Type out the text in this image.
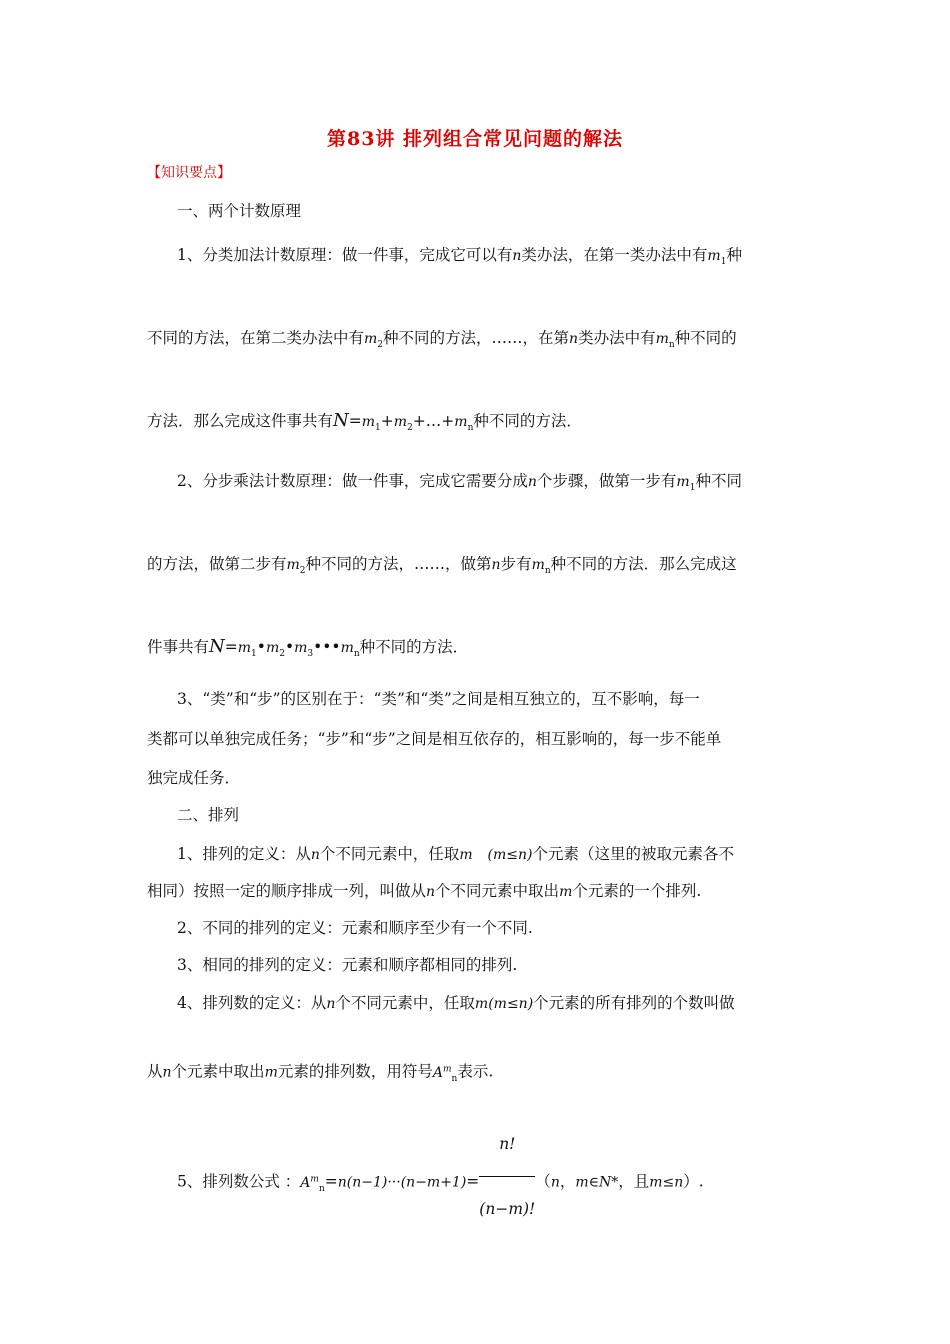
第83讲 排列组合常见问题的解法
【知识要点】
一、两个计数原理
1、分类加法计数原理：做一件事，完成它可以有n类办法，在第一类办法中有$m_1$种
不同的方法，在第二类办法中有$m_2$种不同的方法，……，在第n类办法中有$m_n$种不同的
方法．那么完成这件事共有$N=m_1+m_2+\dots+m_n$种不同的方法．
2、分步乘法计数原理：做一件事，完成它需要分成n个步骤，做第一步有$m_1$种不同
的方法，做第二步有$m_2$种不同的方法，……，做第n步有$m_n$种不同的方法．那么完成这
件事共有$N=m_1•m_2•m_3•••m_n$种不同的方法．
3、“类”和“步”的区别在于：“类”和“类”之间是相互独立的，互不影响，每一
类都可以单独完成任务；“步”和“步”之间是相互依存的，相互影响的，每一步不能单
独完成任务．
二、排列
1、排列的定义：从n个不同元素中，任取m (m≤n)个元素（这里的被取元素各不
相同）按照一定的顺序排成一列，叫做从n个不同元素中取出m个元素的一个排列.
2、不同的排列的定义：元素和顺序至少有一个不同.
3、相同的排列的定义：元素和顺序都相同的排列.
4、排列数的定义：从n个不同元素中，任取m(m≤n)个元素的所有排列的个数叫做
从n个元素中取出m元素的排列数，用符号$A^m_n$表示.
5、排列数公式 ：$A^m_n=n(n-1)\cdot\cdot\cdot(n-m+1)= \frac{n!}{(n-m)!} (n$，m∈N*，且m≤n）.
